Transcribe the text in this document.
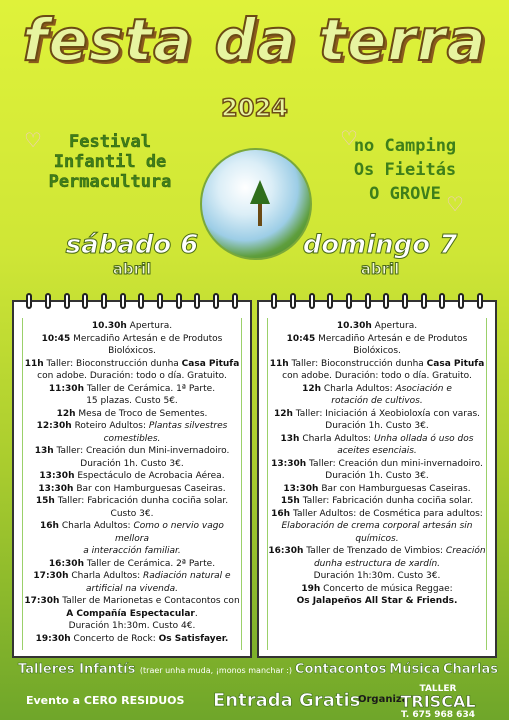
festa da terra
2024
♡	Festival
Infantil de
Permacultura
no Camping
Os Fieitás
O GROVE
♡
♡
sábado 6
abril
domingo 7
abril
10.30h Apertura.
10:45 Mercadiño Artesán e de Produtos
Biolóxicos.
11h Taller: Bioconstrucción dunha Casa Pitufa
con adobe. Duración: todo o día. Gratuito.
11:30h Taller de Cerámica. 1ª Parte.
15 plazas. Custo 5€.
12h Mesa de Troco de Sementes.
12:30h Roteiro Adultos: Plantas silvestres
comestibles.
13h Taller: Creación dun Mini-invernadoiro.
Duración 1h. Custo 3€.
13:30h Espectáculo de Acrobacia Aérea.
13:30h Bar con Hamburguesas Caseiras.
15h Taller: Fabricación dunha cociña solar.
Custo 3€.
16h Charla Adultos: Como o nervio vago mellora
a interacción familiar.
16:30h Taller de Cerámica. 2ª Parte.
17:30h Charla Adultos: Radiación natural e
artificial na vivenda.
17:30h Taller de Marionetas e Contacontos con
A Compañía Espectacular.
Duración 1h:30m. Custo 4€.
19:30h Concerto de Rock: Os Satisfayer.
10.30h Apertura.
10:45 Mercadiño Artesán e de Produtos
Biolóxicos.
11h Taller: Bioconstrucción dunha Casa Pitufa
con adobe. Duración: todo o día. Gratuito.
12h Charla Adultos: Asociación e
rotación de cultivos.
12h Taller: Iniciación á Xeobioloxía con varas.
Duración 1h. Custo 3€.
13h Charla Adultos: Unha ollada ó uso dos
aceites esenciais.
13:30h Taller: Creación dun mini-invernadoiro.
Duración 1h. Custo 3€.
13:30h Bar con Hamburguesas Caseiras.
15h Taller: Fabricación dunha cociña solar.
16h Taller Adultos: de Cosmética para adultos:
Elaboración de crema corporal artesán sin
químicos.
16:30h Taller de Trenzado de Vimbios: Creación
dunha estructura de xardín.
Duración 1h:30m. Custo 3€.
19h Concerto de música Reggae:
Os Jalapeños All Star & Friends.
Talleres Infantís (traer unha muda, ¡monos manchar :) Contacontos Música Charlas
Evento a CERO RESIDUOS Entrada Gratis
Organiza
TALLER
TRISCAL
T. 675 968 634
